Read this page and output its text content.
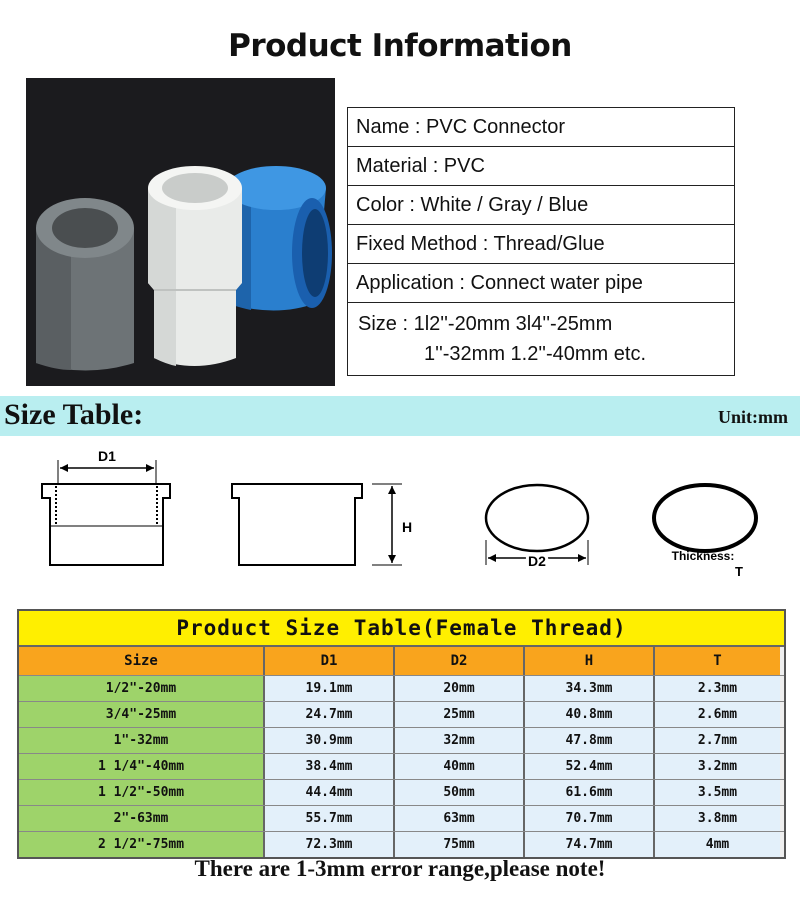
Product Information
Name : PVC Connector
Material : PVC
Color : White / Gray / Blue
Fixed Method : Thread/Glue
Application : Connect water pipe
Size : 1l2''-20mm 3l4''-25mm
1''-32mm 1.2''-40mm etc.
Size Table:	Unit:mm
D1
H
D2	Thickness:
T
Product Size Table(Female Thread)
Size	D1	D2	H	T
1/2"-20mm	19.1mm	20mm	34.3mm	2.3mm
3/4"-25mm	24.7mm	25mm	40.8mm	2.6mm
1"-32mm	30.9mm	32mm	47.8mm	2.7mm
1 1/4"-40mm	38.4mm	40mm	52.4mm	3.2mm
1 1/2"-50mm	44.4mm	50mm	61.6mm	3.5mm
2"-63mm	55.7mm	63mm	70.7mm	3.8mm
2 1/2"-75mm	72.3mm	75mm	74.7mm	4mm
There are 1-3mm error range,please note!
